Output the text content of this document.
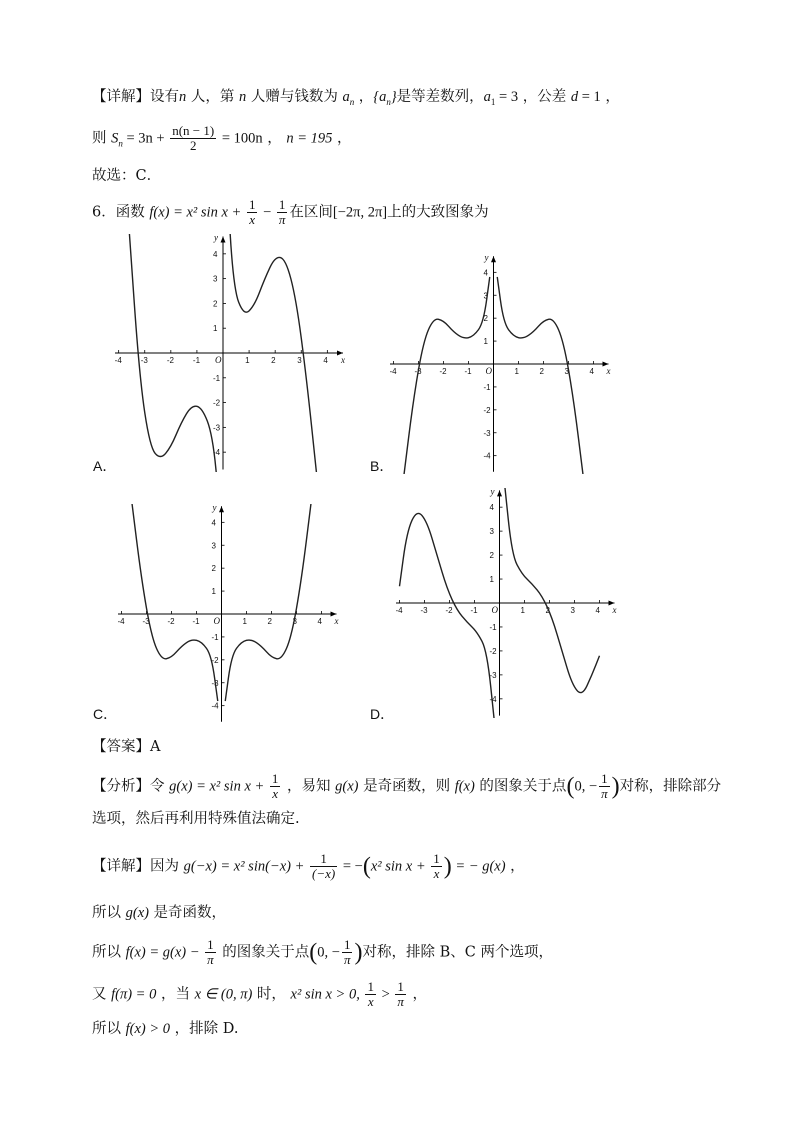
【详解】设有n 人，第 n 人赠与钱数为 $a_n$ ，$\{a_n\}$是等差数列，$a_1 = 3$ ，公差 d = 1 ，
则 $S_n = 3n + \frac{n(n - 1)}{2} = 100n$ ， n = 195 ，
故选：C．
6．函数 f(x) = x² $\sin x + \frac{1}{x} - \frac{1}{\pi}$ 在区间[−2π, 2π]上的大致图象为
x
y
O
-4 -3 -2 -1	1	2	3	4
4
3
2
1
-1
-2
-3
-4
x
y
O
-4 -3 -2 -1	1	2	3	4
4
3
2
1
-1
-2
-3
-4
x
y
O
-4 -3 -2 -1	1	2	3	4
4
3
2
1
-1
-2
-3
-4
x
y
O
-4 -3 -2 -1	1	2	3	4
4
3
2
1
-1
-2
-3
-4
A．	B．
C．	D．
【答案】A
【分析】令 g(x) = x² $\sin x + \frac{1}{x}$ ，易知 g(x) 是奇函数，则 f(x) 的图象关于点(0, − $\frac{1}{\pi}$ )对称，排除部分
选项，然后再利用特殊值法确定.
【详解】因为 g(−x) = x² $\sin(-x) + \frac{1}{(-x)} = -(x^2$ $\sin x + \frac{1}{x}$ ) = − g(x) ，
所以 g(x) 是奇函数，
所以 $f(x) = g(x) - \frac{1}{\pi}$ 的图象关于点(0, − $\frac{1}{\pi}$ )对称，排除 B、C 两个选项，
又 f(π) = 0 ，当 x ∈ (0, π) 时， x² sin x > 0, $\frac{1}{x} > \frac{1}{\pi}$ ，
所以 f(x) > 0 ，排除 D.
